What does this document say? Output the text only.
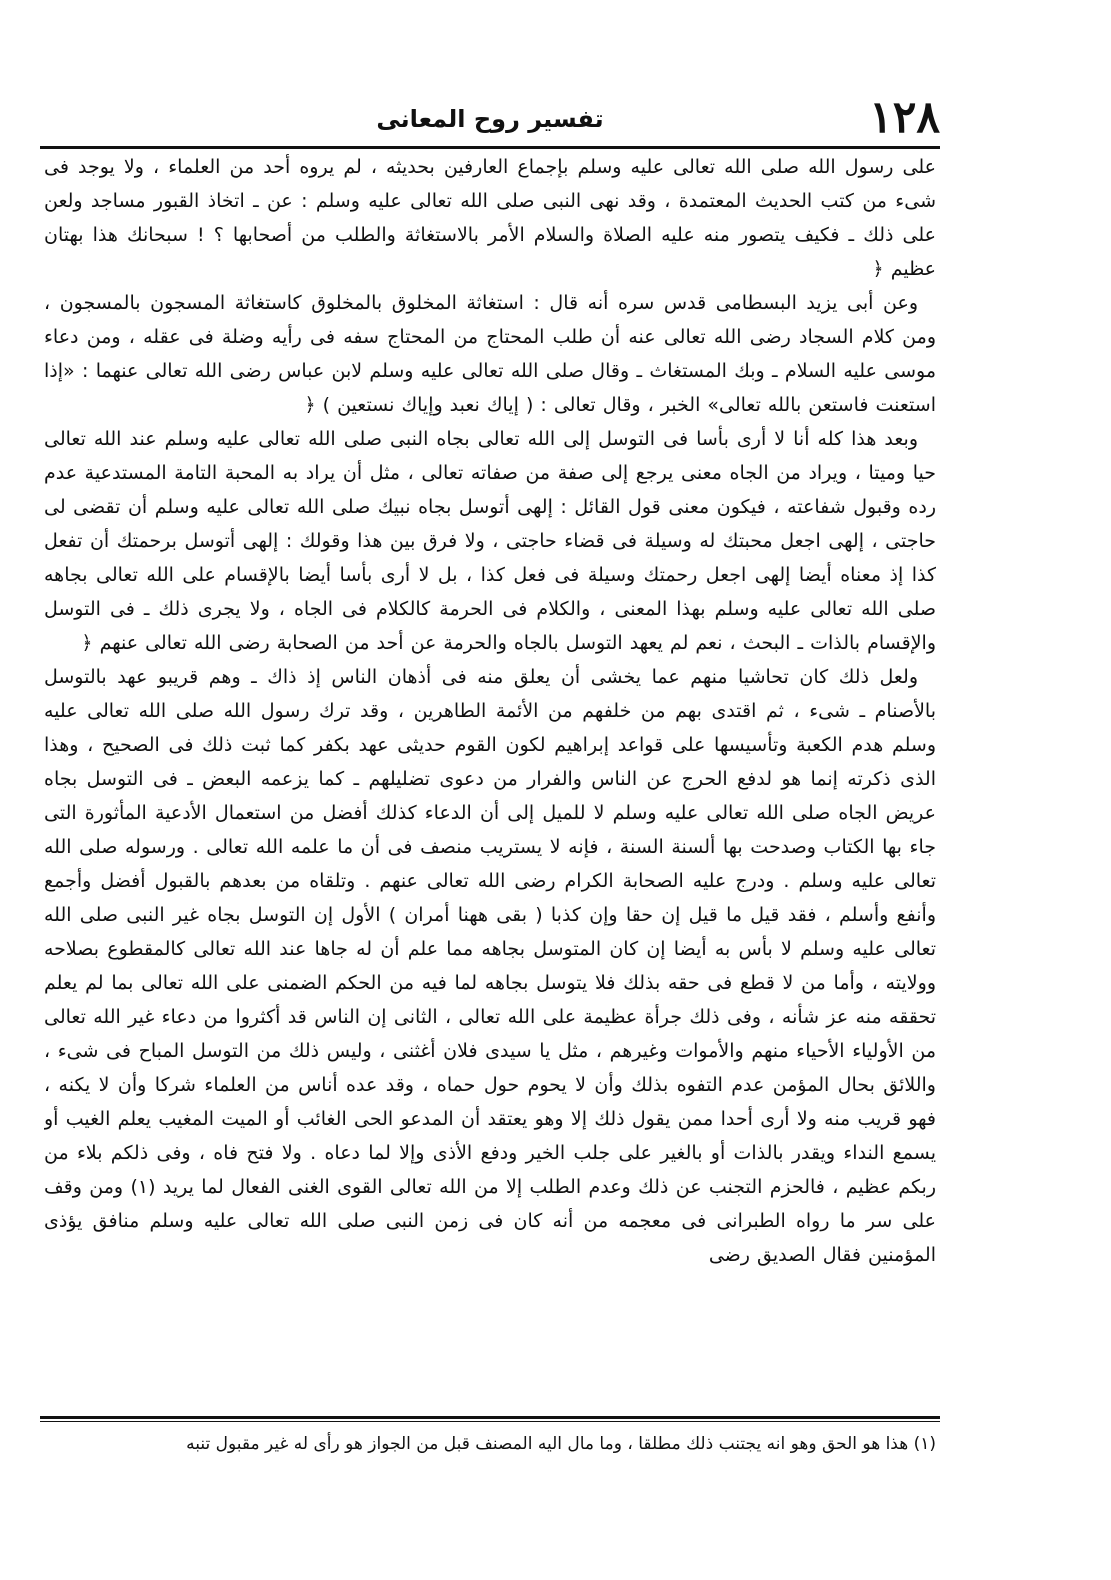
١٢٨
تفسير روح المعانى

على رسول الله صلى الله تعالى عليه وسلم بإجماع العارفين بحديثه ، لم يروه أحد من العلماء ، ولا يوجد فى شىء من كتب الحديث المعتمدة ، وقد نهى النبى صلى الله تعالى عليه وسلم : عن ـ اتخاذ القبور مساجد ولعن على ذلك ـ فكيف يتصور منه عليه الصلاة والسلام الأمر بالاستغاثة والطلب من أصحابها ؟ ! سبحانك هذا بهتان عظيم ﴿

وعن أبى يزيد البسطامى قدس سره أنه قال : استغاثة المخلوق بالمخلوق كاستغاثة المسجون بالمسجون ، ومن كلام السجاد رضى الله تعالى عنه أن طلب المحتاج من المحتاج سفه فى رأيه وضلة فى عقله ، ومن دعاء موسى عليه السلام ـ وبك المستغاث ـ وقال صلى الله تعالى عليه وسلم لابن عباس رضى الله تعالى عنهما : «إذا استعنت فاستعن بالله تعالى» الخبر ، وقال تعالى : ( إياك نعبد وإياك نستعين ) ﴿

وبعد هذا كله أنا لا أرى بأسا فى التوسل إلى الله تعالى بجاه النبى صلى الله تعالى عليه وسلم عند الله تعالى حيا وميتا ، ويراد من الجاه معنى يرجع إلى صفة من صفاته تعالى ، مثل أن يراد به المحبة التامة المستدعية عدم رده وقبول شفاعته ، فيكون معنى قول القائل : إلهى أتوسل بجاه نبيك صلى الله تعالى عليه وسلم أن تقضى لى حاجتى ، إلهى اجعل محبتك له وسيلة فى قضاء حاجتى ، ولا فرق بين هذا وقولك : إلهى أتوسل برحمتك أن تفعل كذا إذ معناه أيضا إلهى اجعل رحمتك وسيلة فى فعل كذا ، بل لا أرى بأسا أيضا بالإقسام على الله تعالى بجاهه صلى الله تعالى عليه وسلم بهذا المعنى ، والكلام فى الحرمة كالكلام فى الجاه ، ولا يجرى ذلك ـ فى التوسل والإقسام بالذات ـ البحث ، نعم لم يعهد التوسل بالجاه والحرمة عن أحد من الصحابة رضى الله تعالى عنهم ﴿

ولعل ذلك كان تحاشيا منهم عما يخشى أن يعلق منه فى أذهان الناس إذ ذاك ـ وهم قريبو عهد بالتوسل بالأصنام ـ شىء ، ثم اقتدى بهم من خلفهم من الأئمة الطاهرين ، وقد ترك رسول الله صلى الله تعالى عليه وسلم هدم الكعبة وتأسيسها على قواعد إبراهيم لكون القوم حديثى عهد بكفر كما ثبت ذلك فى الصحيح ، وهذا الذى ذكرته إنما هو لدفع الحرج عن الناس والفرار من دعوى تضليلهم ـ كما يزعمه البعض ـ فى التوسل بجاه عريض الجاه صلى الله تعالى عليه وسلم لا للميل إلى أن الدعاء كذلك أفضل من استعمال الأدعية المأثورة التى جاء بها الكتاب وصدحت بها ألسنة السنة ، فإنه لا يستريب منصف فى أن ما علمه الله تعالى . ورسوله صلى الله تعالى عليه وسلم . ودرج عليه الصحابة الكرام رضى الله تعالى عنهم . وتلقاه من بعدهم بالقبول أفضل وأجمع وأنفع وأسلم ، فقد قيل ما قيل إن حقا وإن كذبا ( بقى ههنا أمران ) الأول إن التوسل بجاه غير النبى صلى الله تعالى عليه وسلم لا بأس به أيضا إن كان المتوسل بجاهه مما علم أن له جاها عند الله تعالى كالمقطوع بصلاحه وولايته ، وأما من لا قطع فى حقه بذلك فلا يتوسل بجاهه لما فيه من الحكم الضمنى على الله تعالى بما لم يعلم تحققه منه عز شأنه ، وفى ذلك جرأة عظيمة على الله تعالى ، الثانى إن الناس قد أكثروا من دعاء غير الله تعالى من الأولياء الأحياء منهم والأموات وغيرهم ، مثل يا سيدى فلان أغثنى ، وليس ذلك من التوسل المباح فى شىء ، واللائق بحال المؤمن عدم التفوه بذلك وأن لا يحوم حول حماه ، وقد عده أناس من العلماء شركا وأن لا يكنه ، فهو قريب منه ولا أرى أحدا ممن يقول ذلك إلا وهو يعتقد أن المدعو الحى الغائب أو الميت المغيب يعلم الغيب أو يسمع النداء ويقدر بالذات أو بالغير على جلب الخير ودفع الأذى وإلا لما دعاه . ولا فتح فاه ، وفى ذلكم بلاء من ربكم عظيم ، فالحزم التجنب عن ذلك وعدم الطلب إلا من الله تعالى القوى الغنى الفعال لما يريد (١) ومن وقف على سر ما رواه الطبرانى فى معجمه من أنه كان فى زمن النبى صلى الله تعالى عليه وسلم منافق يؤذى المؤمنين فقال الصديق رضى

(١) هذا هو الحق وهو انه يجتنب ذلك مطلقا ، وما مال اليه المصنف قبل من الجواز هو رأى له غير مقبول تنبه
